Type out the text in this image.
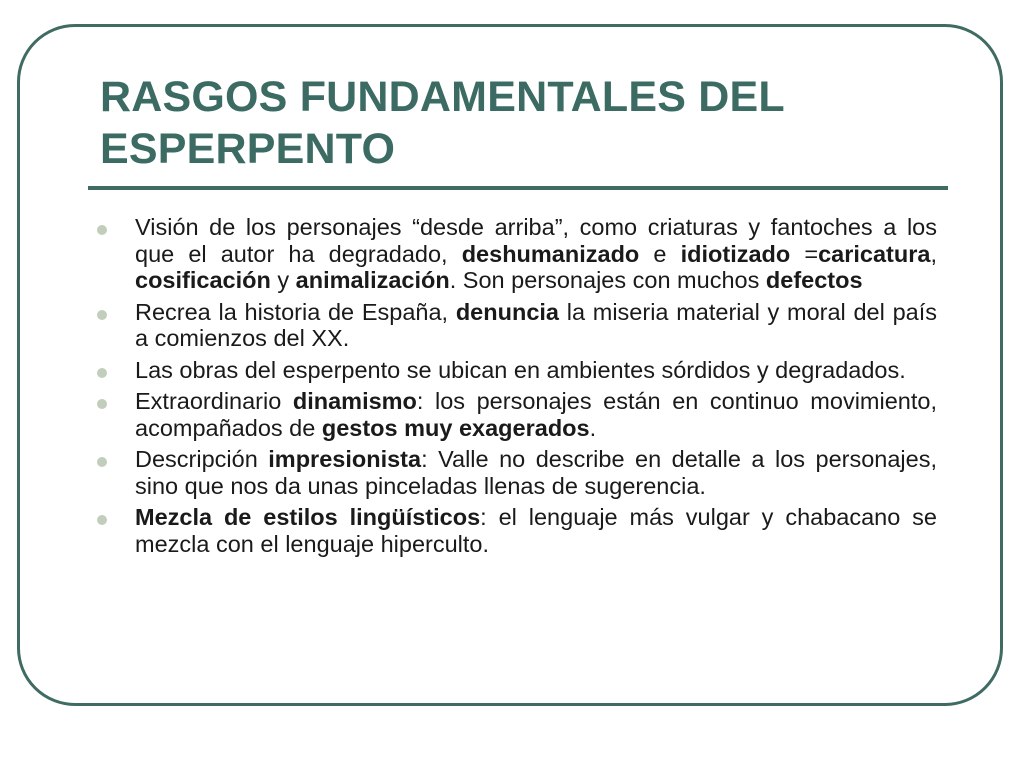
RASGOS FUNDAMENTALES DEL ESPERPENTO
Visión de los personajes “desde arriba”, como criaturas y fantoches a los que el autor ha degradado, deshumanizado e idiotizado =caricatura, cosificación y animalización. Son personajes con muchos defectos
Recrea la historia de España, denuncia la miseria material y moral del país a comienzos del XX.
Las obras del esperpento se ubican en ambientes sórdidos y degradados.
Extraordinario dinamismo: los personajes están en continuo movimiento, acompañados de gestos muy exagerados.
Descripción impresionista: Valle no describe en detalle a los personajes, sino que nos da unas pinceladas llenas de sugerencia.
Mezcla de estilos lingüísticos: el lenguaje más vulgar y chabacano se mezcla con el lenguaje hiperculto.
